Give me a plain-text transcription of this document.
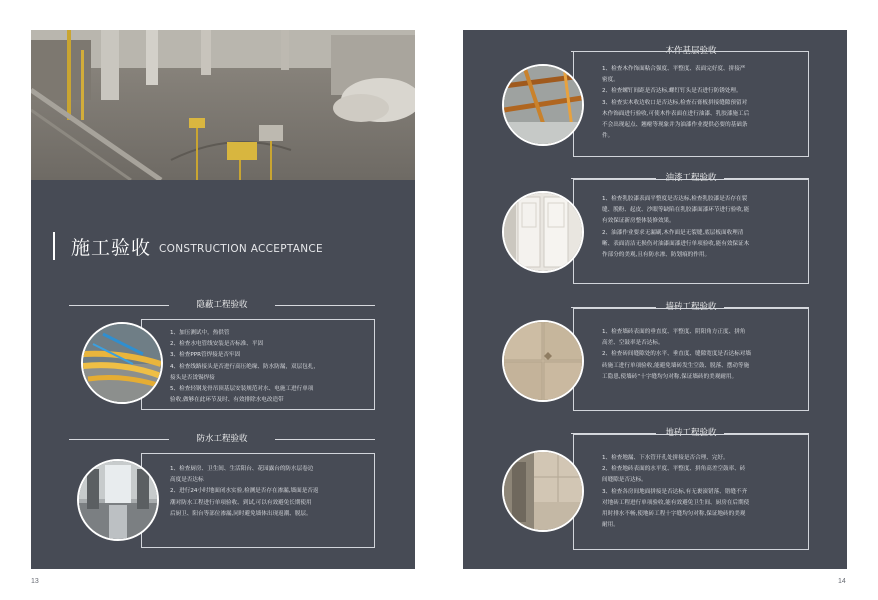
施工验收 CONSTRUCTION ACCEPTANCE
隐蔽工程验收

1、加压测试中，热供管

2、检查水电管线安装是否标准、平固

3、检查PPR管焊接是否牢固

4、检查线路接头是否进行高压绝缘、防水防漏，双层包扎，

接头是否烫锡焊接

5、检查轻钢龙骨吊顶基层安装规范对水、电施工进行单项

验收,做够在此环节及时、有效排除水电改造带

防水工程验收

1、检查厨房、卫生间、生活阳台、花园露台的防水层卷边

高度是否达标

2、进行24小时地面闭水实验,检测是否存在渗漏,墙面是否返

潮对防水工程进行单项验收、到试,可以有效避免长期使用

后厨卫、阳台等部位渗漏,同时避免墙体出现返潮、脱层。

木作基层验收

1、检查木作饰面粘合强度、平整度、表面完好度、拼接严

密度。

2、检查螺钉间距是否达标,螺钉钉头是否进行防锈处理。

3、检查实木收边收口是否达标,检查石膏板拼接缝隙预留对

木作饰面进行验收,可使木作表面在进行油漆、乳胶漆施工后

不会出现起点、翘瘪等现象并为油漆作业提供必要的基础条

件。

油漆工程验收

1、检查乳胶漆表面平整度是否达标,检查乳胶漆是否存在裂

缝、脱粉、起皮、沙眼等缺陷在乳胶漆面漆环节进行验收,能

有效保证新房整体装修效果。

2、油漆作业要求无漏刷,木作面是无裂缝,底层板面收理清

晰、表面清洁无损伤对油漆面漆进行单项验收,能有效保证木

作部分的美观,且有防水渗、防划痕的作用。

墙砖工程验收

1、检查墙砖表面的垂直度、平整度、阴阳角方正度、拼角

高差、空鼓率是否达标。

2、检查砖间缝隙处的水平、垂直度、缝隙宽度是否达标对墙

砖施工进行单项验收,能避免墙砖发生空鼓、脱落、摆动等施

工隐患,使墙砖“十字缝均匀对称,保证墙砖的美观耐用。

地砖工程验收

1、检查地漏、下水管开孔处拼接是否合理、完好。

2、检查地砖表面的水平度、平整度、拼角高差空鼓率、砖

间缝隙是否达标。

3、检查各房间地面拼接是否达标,有无裹滚错落、错缝不齐

对地砖工程进行单项验收,能有效避免卫生间、厨房在后期使

用时排水不畅,使地砖工程十字缝均匀对称,保证地砖的美观

耐用。

13	14
